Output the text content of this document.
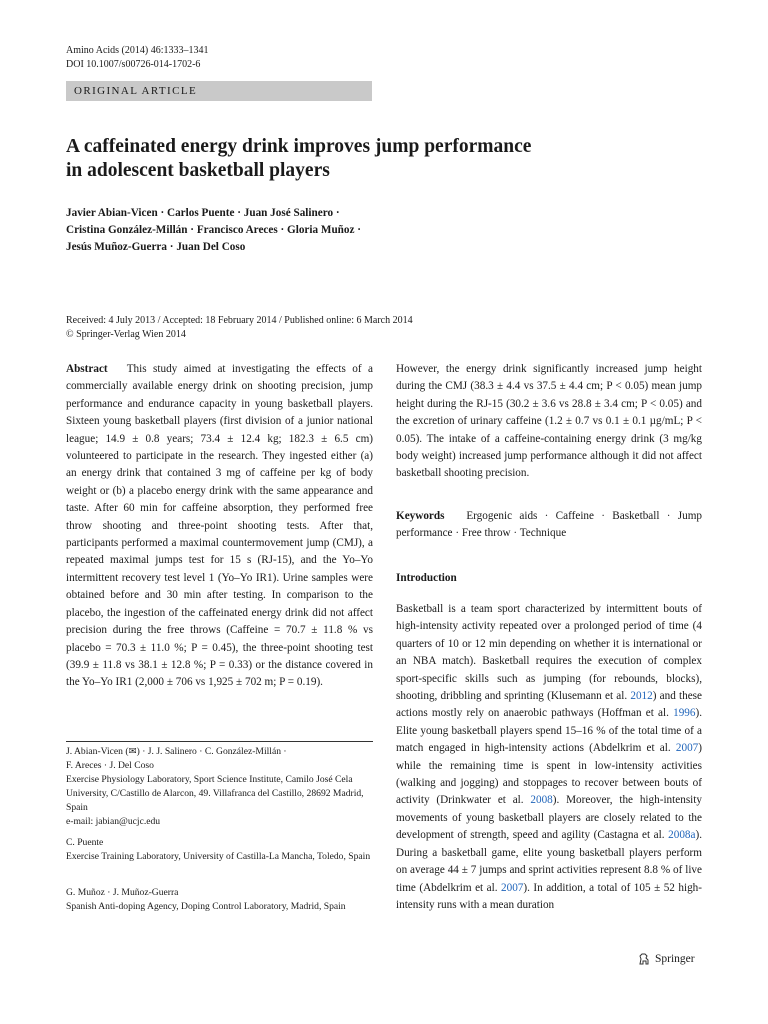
Amino Acids (2014) 46:1333–1341
DOI 10.1007/s00726-014-1702-6
ORIGINAL ARTICLE
A caffeinated energy drink improves jump performance
in adolescent basketball players
Javier Abian-Vicen · Carlos Puente · Juan José Salinero ·
Cristina González-Millán · Francisco Areces · Gloria Muñoz ·
Jesús Muñoz-Guerra · Juan Del Coso
Received: 4 July 2013 / Accepted: 18 February 2014 / Published online: 6 March 2014
© Springer-Verlag Wien 2014
Abstract This study aimed at investigating the effects of a commercially available energy drink on shooting precision, jump performance and endurance capacity in young basketball players. Sixteen young basketball players (first division of a junior national league; 14.9 ± 0.8 years; 73.4 ± 12.4 kg; 182.3 ± 6.5 cm) volunteered to participate in the research. They ingested either (a) an energy drink that contained 3 mg of caffeine per kg of body weight or (b) a placebo energy drink with the same appearance and taste. After 60 min for caffeine absorption, they performed free throw shooting and three-point shooting tests. After that, participants performed a maximal countermovement jump (CMJ), a repeated maximal jumps test for 15 s (RJ-15), and the Yo–Yo intermittent recovery test level 1 (Yo–Yo IR1). Urine samples were obtained before and 30 min after testing. In comparison to the placebo, the ingestion of the caffeinated energy drink did not affect precision during the free throws (Caffeine = 70.7 ± 11.8 % vs placebo = 70.3 ± 11.0 %; P = 0.45), the three-point shooting test (39.9 ± 11.8 vs 38.1 ± 12.8 %; P = 0.33) or the distance covered in the Yo–Yo IR1 (2,000 ± 706 vs 1,925 ± 702 m; P = 0.19).
However, the energy drink significantly increased jump height during the CMJ (38.3 ± 4.4 vs 37.5 ± 4.4 cm; P < 0.05) mean jump height during the RJ-15 (30.2 ± 3.6 vs 28.8 ± 3.4 cm; P < 0.05) and the excretion of urinary caffeine (1.2 ± 0.7 vs 0.1 ± 0.1 µg/mL; P < 0.05). The intake of a caffeine-containing energy drink (3 mg/kg body weight) increased jump performance although it did not affect basketball shooting precision.
Keywords Ergogenic aids · Caffeine · Basketball · Jump performance · Free throw · Technique
Introduction
Basketball is a team sport characterized by intermittent bouts of high-intensity activity repeated over a prolonged period of time (4 quarters of 10 or 12 min depending on whether it is international or an NBA match). Basketball requires the execution of complex sport-specific skills such as jumping (for rebounds, blocks), shooting, dribbling and sprinting (Klusemann et al. 2012) and these actions mostly rely on anaerobic pathways (Hoffman et al. 1996). Elite young basketball players spend 15–16 % of the total time of a match engaged in high-intensity actions (Abdelkrim et al. 2007) while the remaining time is spent in low-intensity activities (walking and jogging) and stoppages to recover between bouts of activity (Drinkwater et al. 2008). Moreover, the high-intensity movements of young basketball players are closely related to the development of strength, speed and agility (Castagna et al. 2008a). During a basketball game, elite young basketball players perform on average 44 ± 7 jumps and sprint activities represent 8.8 % of live time (Abdelkrim et al. 2007). In addition, a total of 105 ± 52 high-intensity runs with a mean duration
J. Abian-Vicen (✉) · J. J. Salinero · C. González-Millán ·
F. Areces · J. Del Coso
Exercise Physiology Laboratory, Sport Science Institute, Camilo José Cela University, C/Castillo de Alarcon, 49. Villafranca del Castillo, 28692 Madrid, Spain
e-mail: jabian@ucjc.edu
C. Puente
Exercise Training Laboratory, University of Castilla-La Mancha, Toledo, Spain
G. Muñoz · J. Muñoz-Guerra
Spanish Anti-doping Agency, Doping Control Laboratory, Madrid, Spain
Springer
